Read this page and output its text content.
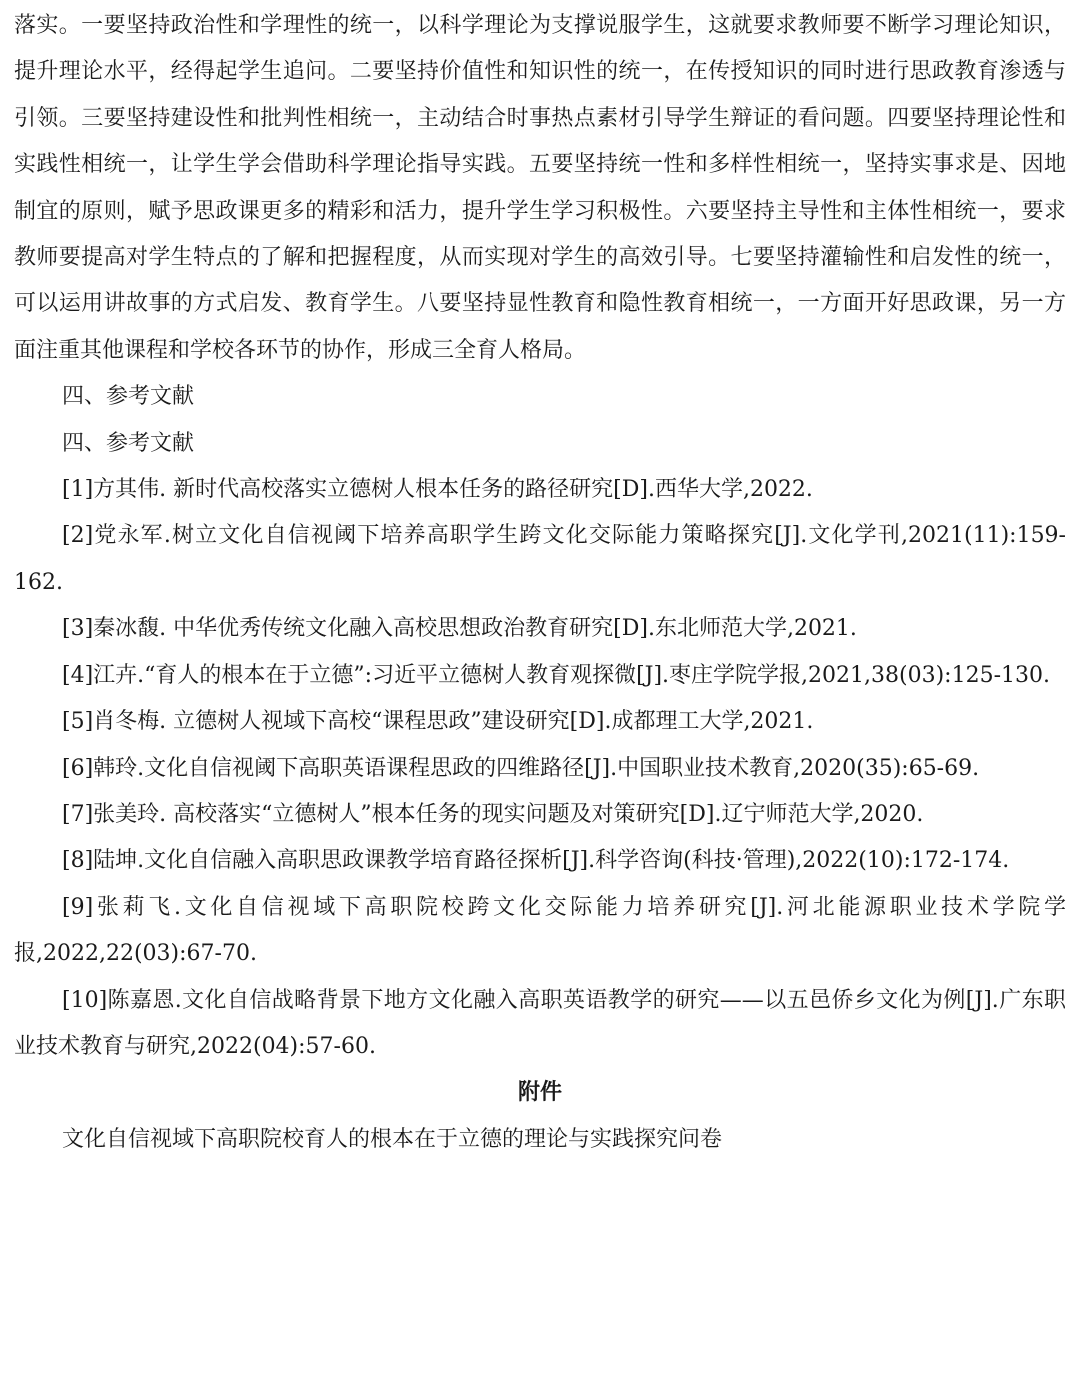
落实。一要坚持政治性和学理性的统一，以科学理论为支撑说服学生，这就要求教师要不断学习理论知识，提升理论水平，经得起学生追问。二要坚持价值性和知识性的统一，在传授知识的同时进行思政教育渗透与引领。三要坚持建设性和批判性相统一，主动结合时事热点素材引导学生辩证的看问题。四要坚持理论性和实践性相统一，让学生学会借助科学理论指导实践。五要坚持统一性和多样性相统一，坚持实事求是、因地制宜的原则，赋予思政课更多的精彩和活力，提升学生学习积极性。六要坚持主导性和主体性相统一，要求教师要提高对学生特点的了解和把握程度，从而实现对学生的高效引导。七要坚持灌输性和启发性的统一，可以运用讲故事的方式启发、教育学生。八要坚持显性教育和隐性教育相统一，一方面开好思政课，另一方面注重其他课程和学校各环节的协作，形成三全育人格局。

四、参考文献

四、参考文献

[1]方其伟. 新时代高校落实立德树人根本任务的路径研究[D].西华大学,2022.

[2]党永军.树立文化自信视阈下培养高职学生跨文化交际能力策略探究[J].文化学刊,2021(11):159-162.

[3]秦冰馥. 中华优秀传统文化融入高校思想政治教育研究[D].东北师范大学,2021.

[4]江卉.“育人的根本在于立德”:习近平立德树人教育观探微[J].枣庄学院学报,2021,38(03):125-130.

[5]肖冬梅. 立德树人视域下高校“课程思政”建设研究[D].成都理工大学,2021.

[6]韩玲.文化自信视阈下高职英语课程思政的四维路径[J].中国职业技术教育,2020(35):65-69.

[7]张美玲. 高校落实“立德树人”根本任务的现实问题及对策研究[D].辽宁师范大学,2020.

[8]陆坤.文化自信融入高职思政课教学培育路径探析[J].科学咨询(科技·管理),2022(10):172-174.

[9]张莉飞.文化自信视域下高职院校跨文化交际能力培养研究[J].河北能源职业技术学院学报,2022,22(03):67-70.

[10]陈嘉恩.文化自信战略背景下地方文化融入高职英语教学的研究——以五邑侨乡文化为例[J].广东职业技术教育与研究,2022(04):57-60.

附件

文化自信视域下高职院校育人的根本在于立德的理论与实践探究问卷
